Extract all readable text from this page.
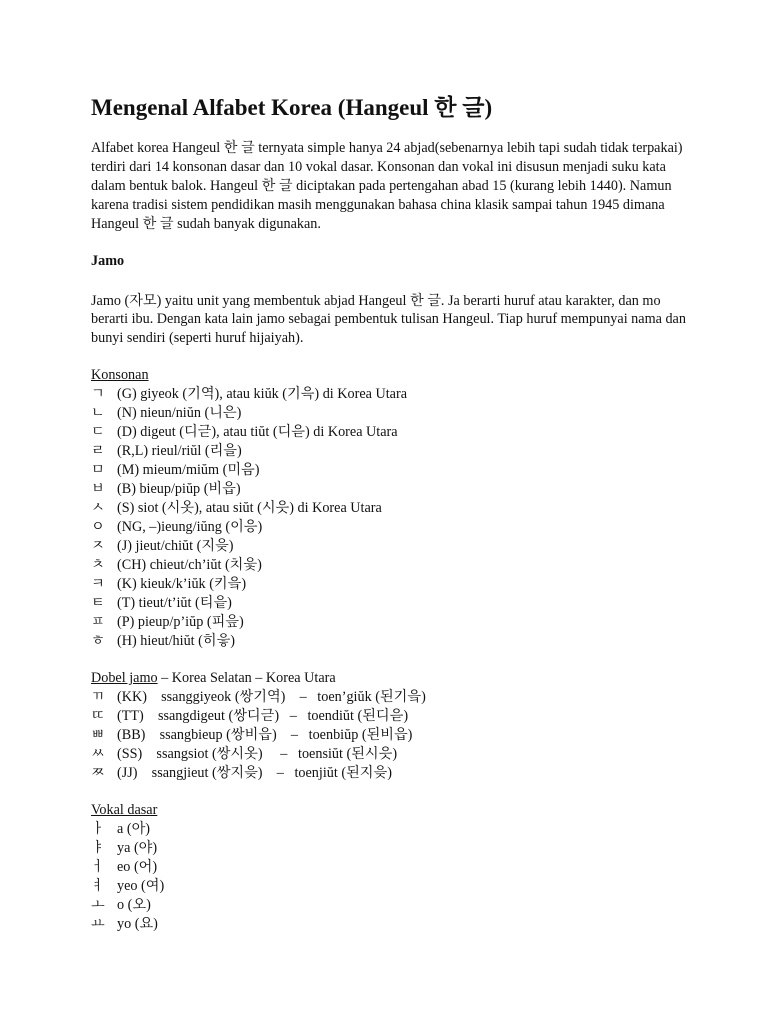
Mengenal Alfabet Korea (Hangeul 한 글)

Alfabet korea Hangeul 한 글 ternyata simple hanya 24 abjad(sebenarnya lebih tapi sudah tidak terpakai) terdiri dari 14 konsonan dasar dan 10 vokal dasar. Konsonan dan vokal ini disusun menjadi suku kata dalam bentuk balok. Hangeul 한 글 diciptakan pada pertengahan abad 15 (kurang lebih 1440). Namun karena tradisi sistem pendidikan masih menggunakan bahasa china klasik sampai tahun 1945 dimana Hangeul 한 글 sudah banyak digunakan.

Jamo

Jamo (자모) yaitu unit yang membentuk abjad Hangeul 한 글. Ja berarti huruf atau karakter, dan mo berarti ibu. Dengan kata lain jamo sebagai pembentuk tulisan Hangeul. Tiap huruf mempunyai nama dan bunyi sendiri (seperti huruf hijaiyah).

Konsonan
ㄱ (G) giyeok (기역), atau kiŭk (기윽) di Korea Utara
ㄴ (N) nieun/niŭn (니은)
ㄷ (D) digeut (디귿), atau tiŭt (디읃) di Korea Utara
ㄹ (R,L) rieul/riŭl (리을)
ㅁ (M) mieum/miŭm (미음)
ㅂ (B) bieup/piŭp (비읍)
ㅅ (S) siot (시옷), atau siŭt (시읏) di Korea Utara
ㅇ (NG, –)ieung/iŭng (이응)
ㅈ (J) jieut/chiŭt (지읒)
ㅊ (CH) chieut/ch’iŭt (치읓)
ㅋ (K) kieuk/k’iŭk (키읔)
ㅌ (T) tieut/t’iŭt (티읕)
ㅍ (P) pieup/p’iŭp (피읖)
ㅎ (H) hieut/hiŭt (히읗)
Dobel jamo – Korea Selatan – Korea Utara
ㄲ (KK)    ssanggiyeok (쌍기역)    –   toen’giŭk (된기읔)
ㄸ (TT)    ssangdigeut (쌍디귿)   –   toendiŭt (된디읃)
ㅃ (BB)    ssangbieup (쌍비읍)    –   toenbiŭp (된비읍)
ㅆ (SS)    ssangsiot (쌍시옷)     –   toensiŭt (된시읏)
ㅉ (JJ)    ssangjieut (쌍지읒)    –   toenjiŭt (된지읒)
Vokal dasar
ㅏ a (아)
ㅑ ya (야)
ㅓ eo (어)
ㅕ yeo (여)
ㅗ o (오)
ㅛ yo (요)
